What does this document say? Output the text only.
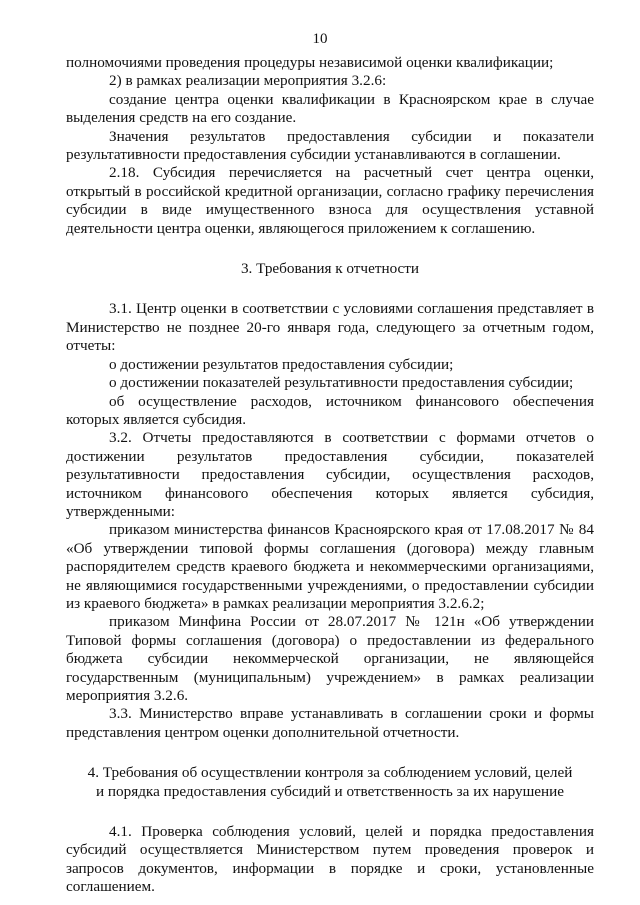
10

полномочиями проведения процедуры независимой оценки квалификации;

2) в рамках реализации мероприятия 3.2.6:

создание центра оценки квалификации в Красноярском крае в случае выделения средств на его создание.

Значения результатов предоставления субсидии и показатели результативности предоставления субсидии устанавливаются в соглашении.

2.18. Субсидия перечисляется на расчетный счет центра оценки, открытый в российской кредитной организации, согласно графику перечисления субсидии в виде имущественного взноса для осуществления уставной деятельности центра оценки, являющегося приложением к соглашению.

3. Требования к отчетности

3.1. Центр оценки в соответствии с условиями соглашения представляет в Министерство не позднее 20-го января года, следующего за отчетным годом, отчеты:

о достижении результатов предоставления субсидии;

о достижении показателей результативности предоставления субсидии;

об осуществление расходов, источником финансового обеспечения которых является субсидия.

3.2. Отчеты предоставляются в соответствии с формами отчетов о достижении результатов предоставления субсидии, показателей результативности предоставления субсидии, осуществления расходов, источником финансового обеспечения которых является субсидия, утвержденными:

приказом министерства финансов Красноярского края от 17.08.2017 № 84 «Об утверждении типовой формы соглашения (договора) между главным распорядителем средств краевого бюджета и некоммерческими организациями, не являющимися государственными учреждениями, о предоставлении субсидии из краевого бюджета» в рамках реализации мероприятия 3.2.6.2;

приказом Минфина России от 28.07.2017 № 121н «Об утверждении Типовой формы соглашения (договора) о предоставлении из федерального бюджета субсидии некоммерческой организации, не являющейся государственным (муниципальным) учреждением» в рамках реализации мероприятия 3.2.6.

3.3. Министерство вправе устанавливать в соглашении сроки и формы представления центром оценки дополнительной отчетности.

4. Требования об осуществлении контроля за соблюдением условий, целей
и порядка предоставления субсидий и ответственность за их нарушение

4.1. Проверка соблюдения условий, целей и порядка предоставления субсидий осуществляется Министерством путем проведения проверок и запросов документов, информации в порядке и сроки, установленные соглашением.
